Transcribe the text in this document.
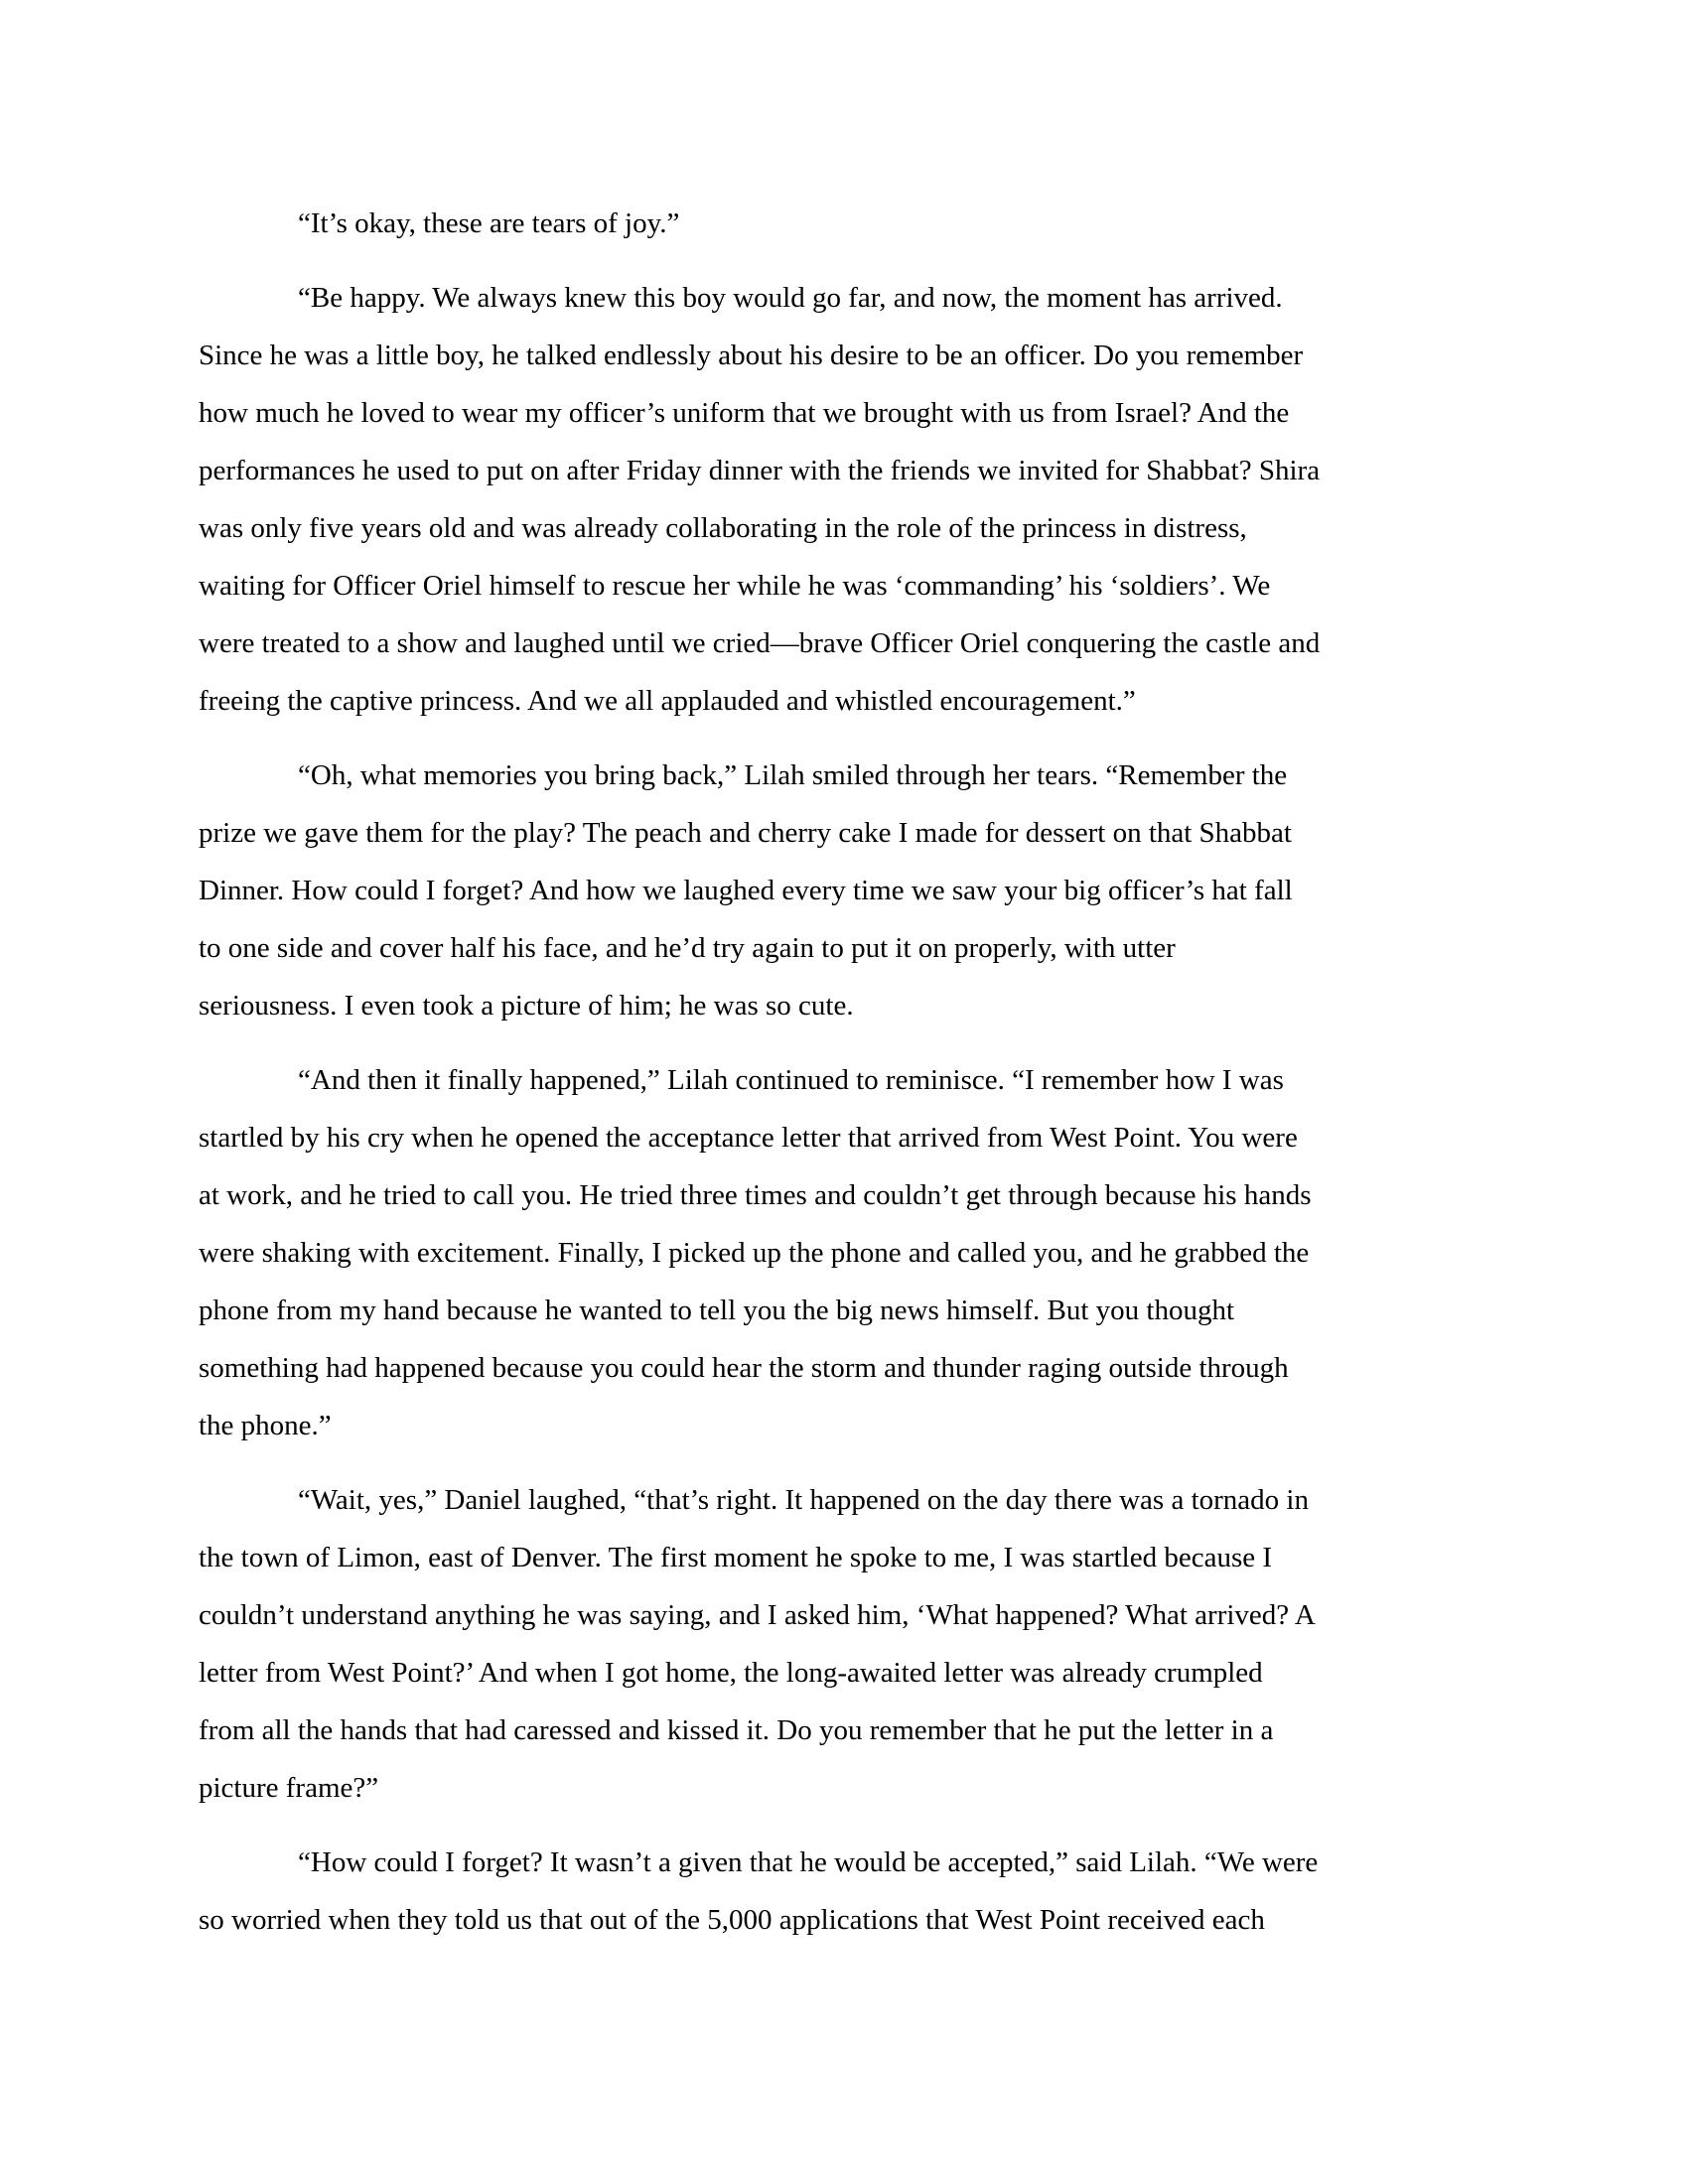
“It’s okay, these are tears of joy.”
“Be happy. We always knew this boy would go far, and now, the moment has arrived.
Since he was a little boy, he talked endlessly about his desire to be an officer. Do you remember
how much he loved to wear my officer’s uniform that we brought with us from Israel? And the
performances he used to put on after Friday dinner with the friends we invited for Shabbat? Shira
was only five years old and was already collaborating in the role of the princess in distress,
waiting for Officer Oriel himself to rescue her while he was ‘commanding’ his ‘soldiers’. We
were treated to a show and laughed until we cried—brave Officer Oriel conquering the castle and
freeing the captive princess. And we all applauded and whistled encouragement.”
“Oh, what memories you bring back,” Lilah smiled through her tears. “Remember the
prize we gave them for the play? The peach and cherry cake I made for dessert on that Shabbat
Dinner. How could I forget? And how we laughed every time we saw your big officer’s hat fall
to one side and cover half his face, and he’d try again to put it on properly, with utter
seriousness. I even took a picture of him; he was so cute.
“And then it finally happened,” Lilah continued to reminisce. “I remember how I was
startled by his cry when he opened the acceptance letter that arrived from West Point. You were
at work, and he tried to call you. He tried three times and couldn’t get through because his hands
were shaking with excitement. Finally, I picked up the phone and called you, and he grabbed the
phone from my hand because he wanted to tell you the big news himself. But you thought
something had happened because you could hear the storm and thunder raging outside through
the phone.”
“Wait, yes,” Daniel laughed, “that’s right. It happened on the day there was a tornado in
the town of Limon, east of Denver. The first moment he spoke to me, I was startled because I
couldn’t understand anything he was saying, and I asked him, ‘What happened? What arrived? A
letter from West Point?’ And when I got home, the long-awaited letter was already crumpled
from all the hands that had caressed and kissed it. Do you remember that he put the letter in a
picture frame?”
“How could I forget? It wasn’t a given that he would be accepted,” said Lilah. “We were
so worried when they told us that out of the 5,000 applications that West Point received each
